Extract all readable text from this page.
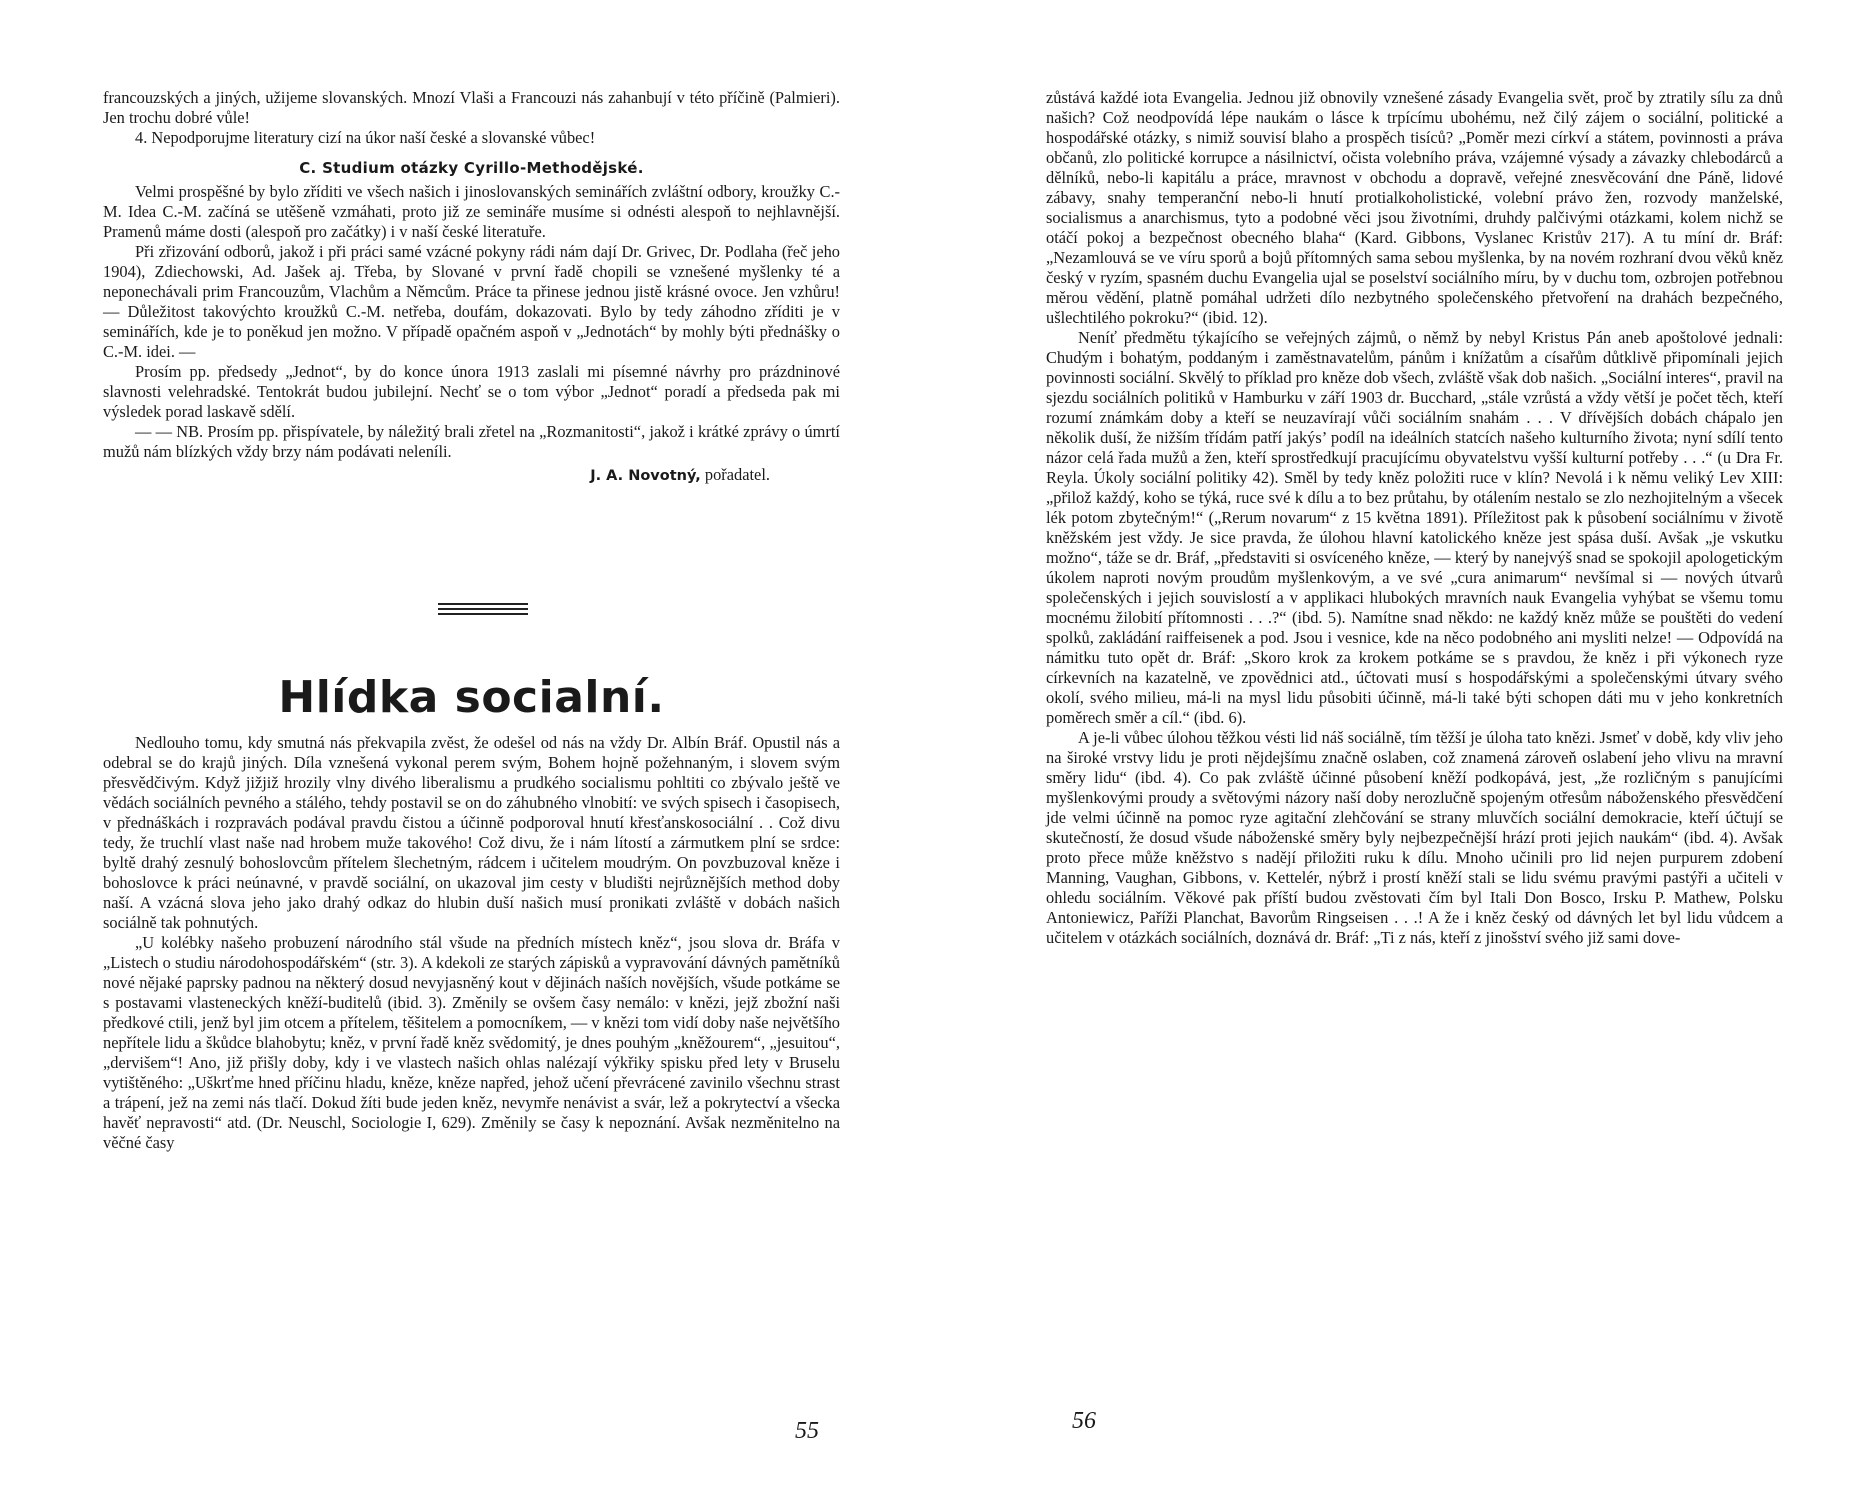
francouzských a jiných, užijeme slovanských. Mnozí Vlaši a Francouzi nás zahanbují v této příčině (Palmieri). Jen trochu dobré vůle!

4. Nepodporujme literatury cizí na úkor naší české a slovanské vůbec!

C. Studium otázky Cyrillo-Methodějské.

Velmi prospěšné by bylo zříditi ve všech našich i jinoslovanských seminářích zvláštní odbory, kroužky C.-M. Idea C.-M. začíná se utěšeně vzmáhati, proto již ze semináře musíme si odnésti alespoň to nejhlavnější. Pramenů máme dosti (alespoň pro začátky) i v naší české literatuře.

Při zřizování odborů, jakož i při práci samé vzácné pokyny rádi nám dají Dr. Grivec, Dr. Podlaha (řeč jeho 1904), Zdiechowski, Ad. Jašek aj. Třeba, by Slované v první řadě chopili se vznešené myšlenky té a neponechávali prim Francouzům, Vlachům a Němcům. Práce ta přinese jednou jistě krásné ovoce. Jen vzhůru! — Důležitost takovýchto kroužků C.-M. netřeba, doufám, dokazovati. Bylo by tedy záhodno zříditi je v seminářích, kde je to poněkud jen možno. V případě opačném aspoň v „Jednotách“ by mohly býti přednášky o C.-M. idei. —

Prosím pp. předsedy „Jednot“, by do konce února 1913 zaslali mi písemné návrhy pro prázdninové slavnosti velehradské. Tentokrát budou jubilejní. Nechť se o tom výbor „Jednot“ poradí a předseda pak mi výsledek porad laskavě sdělí.

— — NB. Prosím pp. přispívatele, by náležitý brali zřetel na „Rozmanitosti“, jakož i krátké zprávy o úmrtí mužů nám blízkých vždy brzy nám podávati neleníli.

J. A. Novotný, pořadatel.
Hlídka socialní.

Nedlouho tomu, kdy smutná nás překvapila zvěst, že odešel od nás na vždy Dr. Albín Bráf. Opustil nás a odebral se do krajů jiných. Díla vznešená vykonal perem svým, Bohem hojně požehnaným, i slovem svým přesvědčivým. Když jižjiž hrozily vlny divého liberalismu a prudkého socialismu pohltiti co zbývalo ještě ve vědách sociálních pevného a stálého, tehdy postavil se on do záhubného vlnobití: ve svých spisech i časopisech, v přednáškách i rozpravách podával pravdu čistou a účinně podporoval hnutí křesťanskosociální . . Což divu tedy, že truchlí vlast naše nad hrobem muže takového! Což divu, že i nám lítostí a zármutkem plní se srdce: byltě drahý zesnulý bohoslovcům přítelem šlechetným, rádcem i učitelem moudrým. On povzbuzoval kněze i bohoslovce k práci neúnavné, v pravdě sociální, on ukazoval jim cesty v bludišti nejrůznějších method doby naší. A vzácná slova jeho jako drahý odkaz do hlubin duší našich musí pronikati zvláště v dobách našich sociálně tak pohnutých.

„U kolébky našeho probuzení národního stál všude na předních místech kněz“, jsou slova dr. Bráfa v „Listech o studiu národohospodářském“ (str. 3). A kdekoli ze starých zápisků a vypravování dávných pamětníků nové nějaké paprsky padnou na některý dosud nevyjasněný kout v dějinách naších novějších, všude potkáme se s postavami vlasteneckých kněží-buditelů (ibid. 3). Změnily se ovšem časy nemálo: v knězi, jejž zbožní naši předkové ctili, jenž byl jim otcem a přítelem, těšitelem a pomocníkem, — v knězi tom vidí doby naše největšího nepřítele lidu a škůdce blahobytu; kněz, v první řadě kněz svědomitý, je dnes pouhým „kněžourem“, „jesuitou“, „dervišem“! Ano, již přišly doby, kdy i ve vlastech našich ohlas nalézají výkřiky spisku před lety v Bruselu vytištěného: „Uškrťme hned příčinu hladu, kněze, kněze napřed, jehož učení převrácené zavinilo všechnu strast a trápení, jež na zemi nás tlačí. Dokud žíti bude jeden kněz, nevymře nenávist a svár, lež a pokrytectví a všecka havěť nepravosti“ atd. (Dr. Neuschl, Sociologie I, 629). Změnily se časy k nepoznání. Avšak nezměnitelno na věčné časy

55

zůstává každé iota Evangelia. Jednou již obnovily vznešené zásady Evangelia svět, proč by ztratily sílu za dnů našich? Což neodpovídá lépe naukám o lásce k trpícímu ubohému, než čilý zájem o sociální, politické a hospodářské otázky, s nimiž souvisí blaho a prospěch tisíců? „Poměr mezi církví a státem, povinnosti a práva občanů, zlo politické korrupce a násilnictví, očista volebního práva, vzájemné výsady a závazky chlebodárců a dělníků, nebo-li kapitálu a práce, mravnost v obchodu a dopravě, veřejné znesvěcování dne Páně, lidové zábavy, snahy temperanční nebo-li hnutí protialkoholistické, volební právo žen, rozvody manželské, socialismus a anarchismus, tyto a podobné věci jsou životními, druhdy palčivými otázkami, kolem nichž se otáčí pokoj a bezpečnost obecného blaha“ (Kard. Gibbons, Vyslanec Kristův 217). A tu míní dr. Bráf: „Nezamlouvá se ve víru sporů a bojů přítomných sama sebou myšlenka, by na novém rozhraní dvou věků kněz český v ryzím, spasném duchu Evangelia ujal se poselství sociálního míru, by v duchu tom, ozbrojen potřebnou měrou vědění, platně pomáhal udržeti dílo nezbytného společenského přetvoření na drahách bezpečného, ušlechtilého pokroku?“ (ibid. 12).

Neníť předmětu týkajícího se veřejných zájmů, o němž by nebyl Kristus Pán aneb apoštolové jednali: Chudým i bohatým, poddaným i zaměstnavatelům, pánům i knížatům a císařům důtklivě připomínali jejich povinnosti sociální. Skvělý to příklad pro kněze dob všech, zvláště však dob našich. „Sociální interes“, pravil na sjezdu sociálních politiků v Hamburku v září 1903 dr. Bucchard, „stále vzrůstá a vždy větší je počet těch, kteří rozumí známkám doby a kteří se neuzavírají vůči sociálním snahám . . . V dřívějších dobách chápalo jen několik duší, že nižším třídám patří jakýs’ podíl na ideálních statcích našeho kulturního života; nyní sdílí tento názor celá řada mužů a žen, kteří sprostředkují pracujícímu obyvatelstvu vyšší kulturní potřeby . . .“ (u Dra Fr. Reyla. Úkoly sociální politiky 42). Směl by tedy kněz položiti ruce v klín? Nevolá i k němu veliký Lev XIII: „přilož každý, koho se týká, ruce své k dílu a to bez průtahu, by otálením nestalo se zlo nezhojitelným a všecek lék potom zbytečným!“ („Rerum novarum“ z 15 května 1891). Příležitost pak k působení sociálnímu v životě kněžském jest vždy. Je sice pravda, že úlohou hlavní katolického kněze jest spása duší. Avšak „je vskutku možno“, táže se dr. Bráf, „představiti si osvíceného kněze, — který by nanejvýš snad se spokojil apologetickým úkolem naproti novým proudům myšlenkovým, a ve své „cura animarum“ nevšímal si — nových útvarů společenských i jejich souvislostí a v applikaci hlubokých mravních nauk Evangelia vyhýbat se všemu tomu mocnému žilobití přítomnosti . . .?“ (ibd. 5). Namítne snad někdo: ne každý kněz může se pouštěti do vedení spolků, zakládání raiffeisenek a pod. Jsou i vesnice, kde na něco podobného ani mysliti nelze! — Odpovídá na námitku tuto opět dr. Bráf: „Skoro krok za krokem potkáme se s pravdou, že kněz i při výkonech ryze církevních na kazatelně, ve zpovědnici atd., účtovati musí s hospodářskými a společenskými útvary svého okolí, svého milieu, má-li na mysl lidu působiti účinně, má-li také býti schopen dáti mu v jeho konkretních poměrech směr a cíl.“ (ibd. 6).

A je-li vůbec úlohou těžkou vésti lid náš sociálně, tím těžší je úloha tato knězi. Jsmeť v době, kdy vliv jeho na široké vrstvy lidu je proti nějdejšímu značně oslaben, což znamená zároveň oslabení jeho vlivu na mravní směry lidu“ (ibd. 4). Co pak zvláště účinné působení kněží podkopává, jest, „že rozličným s panujícími myšlenkovými proudy a světovými názory naší doby nerozlučně spojeným otřesům náboženského přesvědčení jde velmi účinně na pomoc ryze agitační zlehčování se strany mluvčích sociální demokracie, kteří účtují se skutečností, že dosud všude náboženské směry byly nejbezpečnější hrází proti jejich naukám“ (ibd. 4). Avšak proto přece může kněžstvo s nadějí přiložiti ruku k dílu. Mnoho učinili pro lid nejen purpurem zdobení Manning, Vaughan, Gibbons, v. Kettelér, nýbrž i prostí kněží stali se lidu svému pravými pastýři a učiteli v ohledu sociálním. Věkové pak příští budou zvěstovati čím byl Itali Don Bosco, Irsku P. Mathew, Polsku Antoniewicz, Paříži Planchat, Bavorům Ringseisen . . .! A že i kněz český od dávných let byl lidu vůdcem a učitelem v otázkách sociálních, doznává dr. Bráf: „Ti z nás, kteří z jinošství svého již sami dove-

56
